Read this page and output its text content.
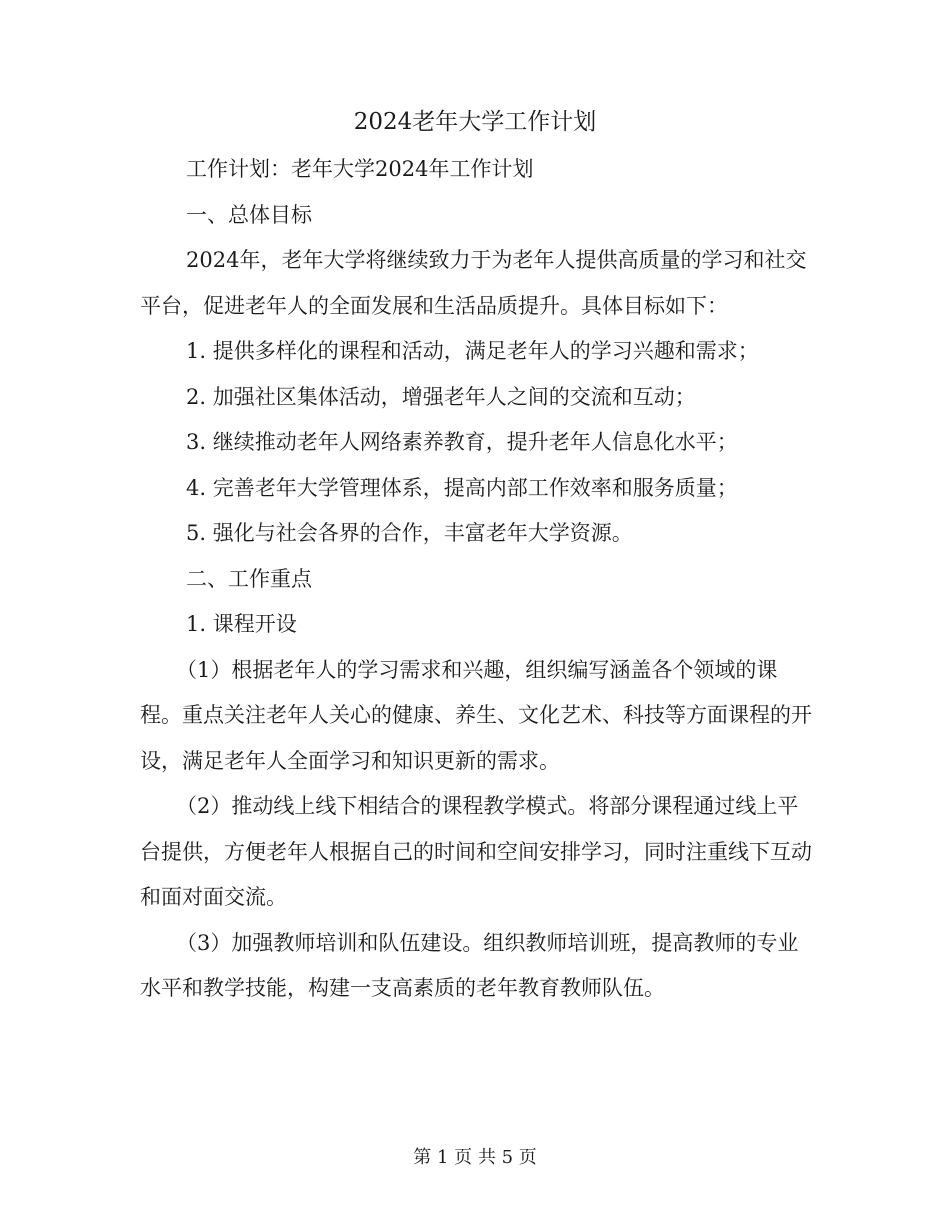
2024老年大学工作计划

工作计划：老年大学2024年工作计划

一、总体目标

2024年，老年大学将继续致力于为老年人提供高质量的学习和社交平台，促进老年人的全面发展和生活品质提升。具体目标如下：

1. 提供多样化的课程和活动，满足老年人的学习兴趣和需求；

2. 加强社区集体活动，增强老年人之间的交流和互动；

3. 继续推动老年人网络素养教育，提升老年人信息化水平；

4. 完善老年大学管理体系，提高内部工作效率和服务质量；

5. 强化与社会各界的合作，丰富老年大学资源。

二、工作重点

1. 课程开设

（1）根据老年人的学习需求和兴趣，组织编写涵盖各个领域的课程。重点关注老年人关心的健康、养生、文化艺术、科技等方面课程的开设，满足老年人全面学习和知识更新的需求。

（2）推动线上线下相结合的课程教学模式。将部分课程通过线上平台提供，方便老年人根据自己的时间和空间安排学习，同时注重线下互动和面对面交流。

（3）加强教师培训和队伍建设。组织教师培训班，提高教师的专业水平和教学技能，构建一支高素质的老年教育教师队伍。

第 1 页 共 5 页
